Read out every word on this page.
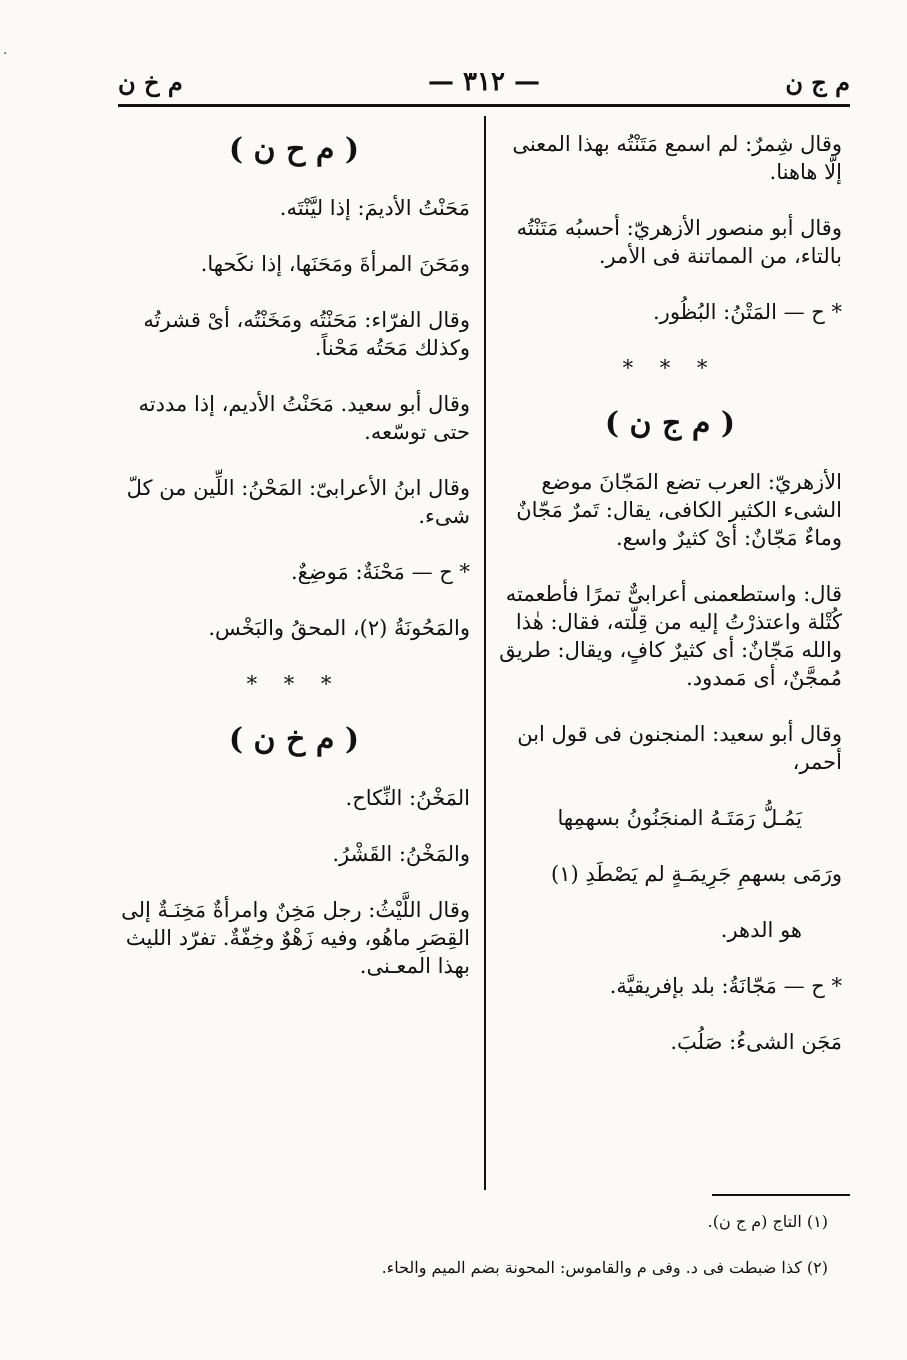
·
م ج ن
— ٣١٢ —
م خ ن

وقال شِمرٌ: لم اسمع مَتَنْتُه بهذا المعنى إلّا هاهنا.

وقال أبو منصور الأزهريّ: أحسبُه مَتَنْتُه بالتاء، من المماتنة فى الأمر.

* ح — المَتْنُ: البُظُور.

* * *

( م ج ن )

الأزهريّ: العرب تضع المَجّانَ موضع الشىء الكثير الكافى، يقال: تَمرٌ مَجّانٌ وماءٌ مَجّانٌ: أىْ كثيرٌ واسع.

قال: واستطعمنى أعرابىٌّ تمرًا فأطعمته كُتْلة واعتذرْتُ إليه من قِلّته، فقال: هٰذا والله مَجّانٌ: أى كثيرٌ كافٍ، ويقال: طريق مُمجَّنٌ، أى مَمدود.

وقال أبو سعيد: المنجنون فى قول ابن أحمر،

يَمُـلُّ رَمَتَـهُ المنجَنُونُ بسهمِها

ورَمَى بسهمِ جَرِيمَـةٍ لم يَصْطَدِ (١)

هو الدهر.

* ح — مَجّانَةُ: بلد بإفريقيَّة.

مَجَن الشىءُ: صَلُبَ.

( م ح ن )

مَحَنْتُ الأديمَ: إذا ليَّنْتَه.

ومَحَنَ المرأةَ ومَحَنَها، إذا نكَحها.

وقال الفرّاء: مَحَنْتُه ومَخَنْتُه، أىْ قشرتُه وكذلك مَحَتُه مَحْناً.

وقال أبو سعيد. مَحَنْتُ الأديم، إذا مددته حتى توسّعه.

وقال ابنُ الأعرابىّ: المَحْنُ: اللِّين من كلّ شىء.

* ح — مَحْنَةٌ: مَوضِعٌ.

والمَحُونَةُ (٢)، المحقُ والبَخْس.

* * *

( م خ ن )

المَخْنُ: النِّكاح.

والمَخْنُ: القَشْرُ.

وقال اللَّيْثُ: رجل مَخِنٌ وامرأةٌ مَخِنَـةٌ إلى القِصَرِ ماهُو، وفيه زَهْوٌ وخِفّةٌ. تفرّد الليث بهذا المعـنى.

(١) التاج (م ج ن).

(٢) كذا ضبطت فى د. وفى م والقاموس: المحونة بضم الميم والحاء.
